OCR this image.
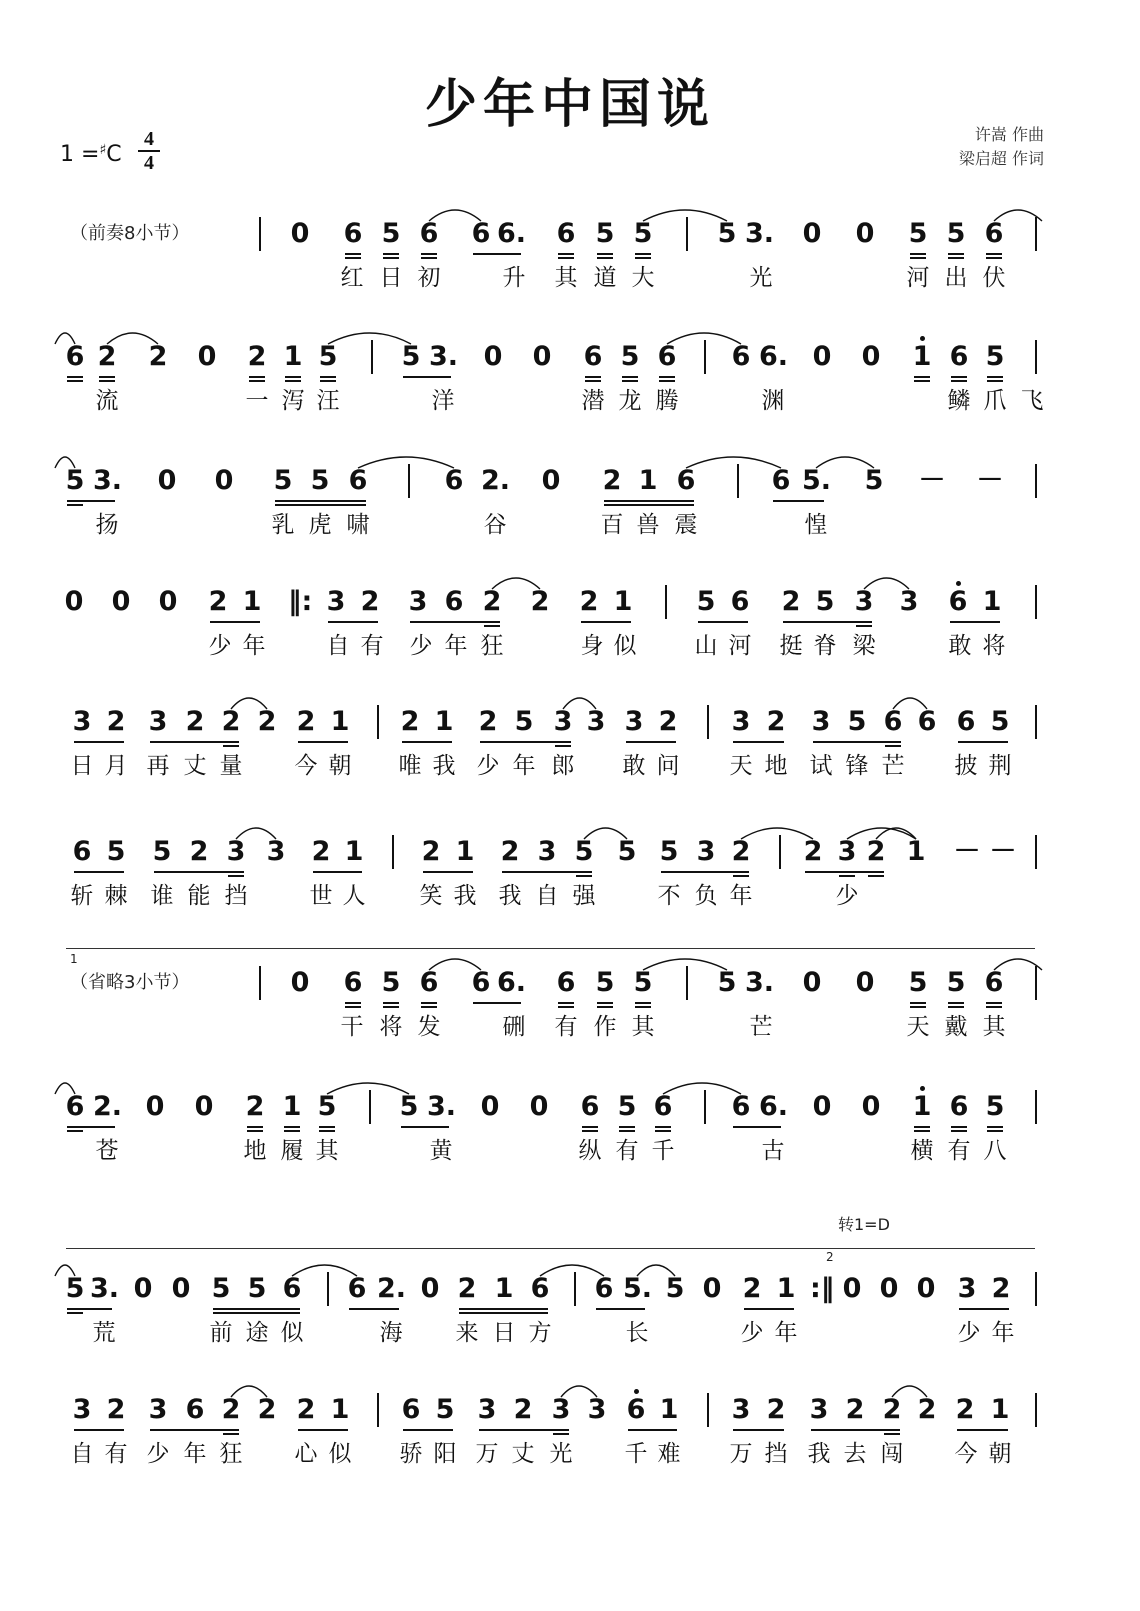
少年中国说
$1 =^♯C \frac{4}{4}$	许嵩 作曲
梁启超 作词
（前奏8小节）	0 6 5 6 6 6. 6 5 5 5 3. 0 0 5 5 6
红 日 初	升 其 道 大	光	河 出 伏
6 2 2 0 2 1 5 5 3. 0 0 6 5 6 6 6. 0 0 1 6 5
流	一 泻 汪	洋	潜 龙 腾	渊	鳞 爪 飞
5 3. 0 0 5 5 6	6 2. 0 2 1 6	6 5. 5 － －
扬	乳 虎 啸	谷	百 兽 震	惶
0 0 0 2 1 3 2 3 6 2 2 2 1 5 6 2 5 3 3 6 1
‖:
少 年	自 有 少 年 狂	身 似	山 河 挺 脊 梁	敢 将
3 2 3 2 2 2 2 1 2 1 2 5 3 3 3 2 3 2 3 5 6 6 6 5
日 月 再 丈 量 今 朝 唯 我 少 年 郎 敢 问 天 地 试 锋 芒 披 荆
6 5 5 2 3 3 2 1 2 1 2 3 5 5 5 3 2 2 3 2 1 － －
斩 棘 谁 能 挡	世 人 笑 我 我 自 强	不 负 年	少
（省略3小节）	0 6 5 6 6 6. 6 5 5 5 3. 0 0 5 5 6
干 将 发	硎 有 作 其	芒	天 戴 其
1
6 2. 0 0 2 1 5 5 3. 0 0 6 5 6 6 6. 0 0 1 6 5
苍	地 履 其	黄	纵 有 千	古	横 有 八
5 3. 0 0 5 5 6 6 2. 0 2 1 6 6 5. 5 0 2 1 0 0 0 3 2
:‖
2
荒	前 途 似	海 来 日 方	长	少 年	少 年
转1=D
3 2 3 6 2 2 2 1 6 5 3 2 3 3 6 1 3 2 3 2 2 2 2 1
自 有 少 年 狂 心 似 骄 阳 万 丈 光 千 难 万 挡 我 去 闯 今 朝
